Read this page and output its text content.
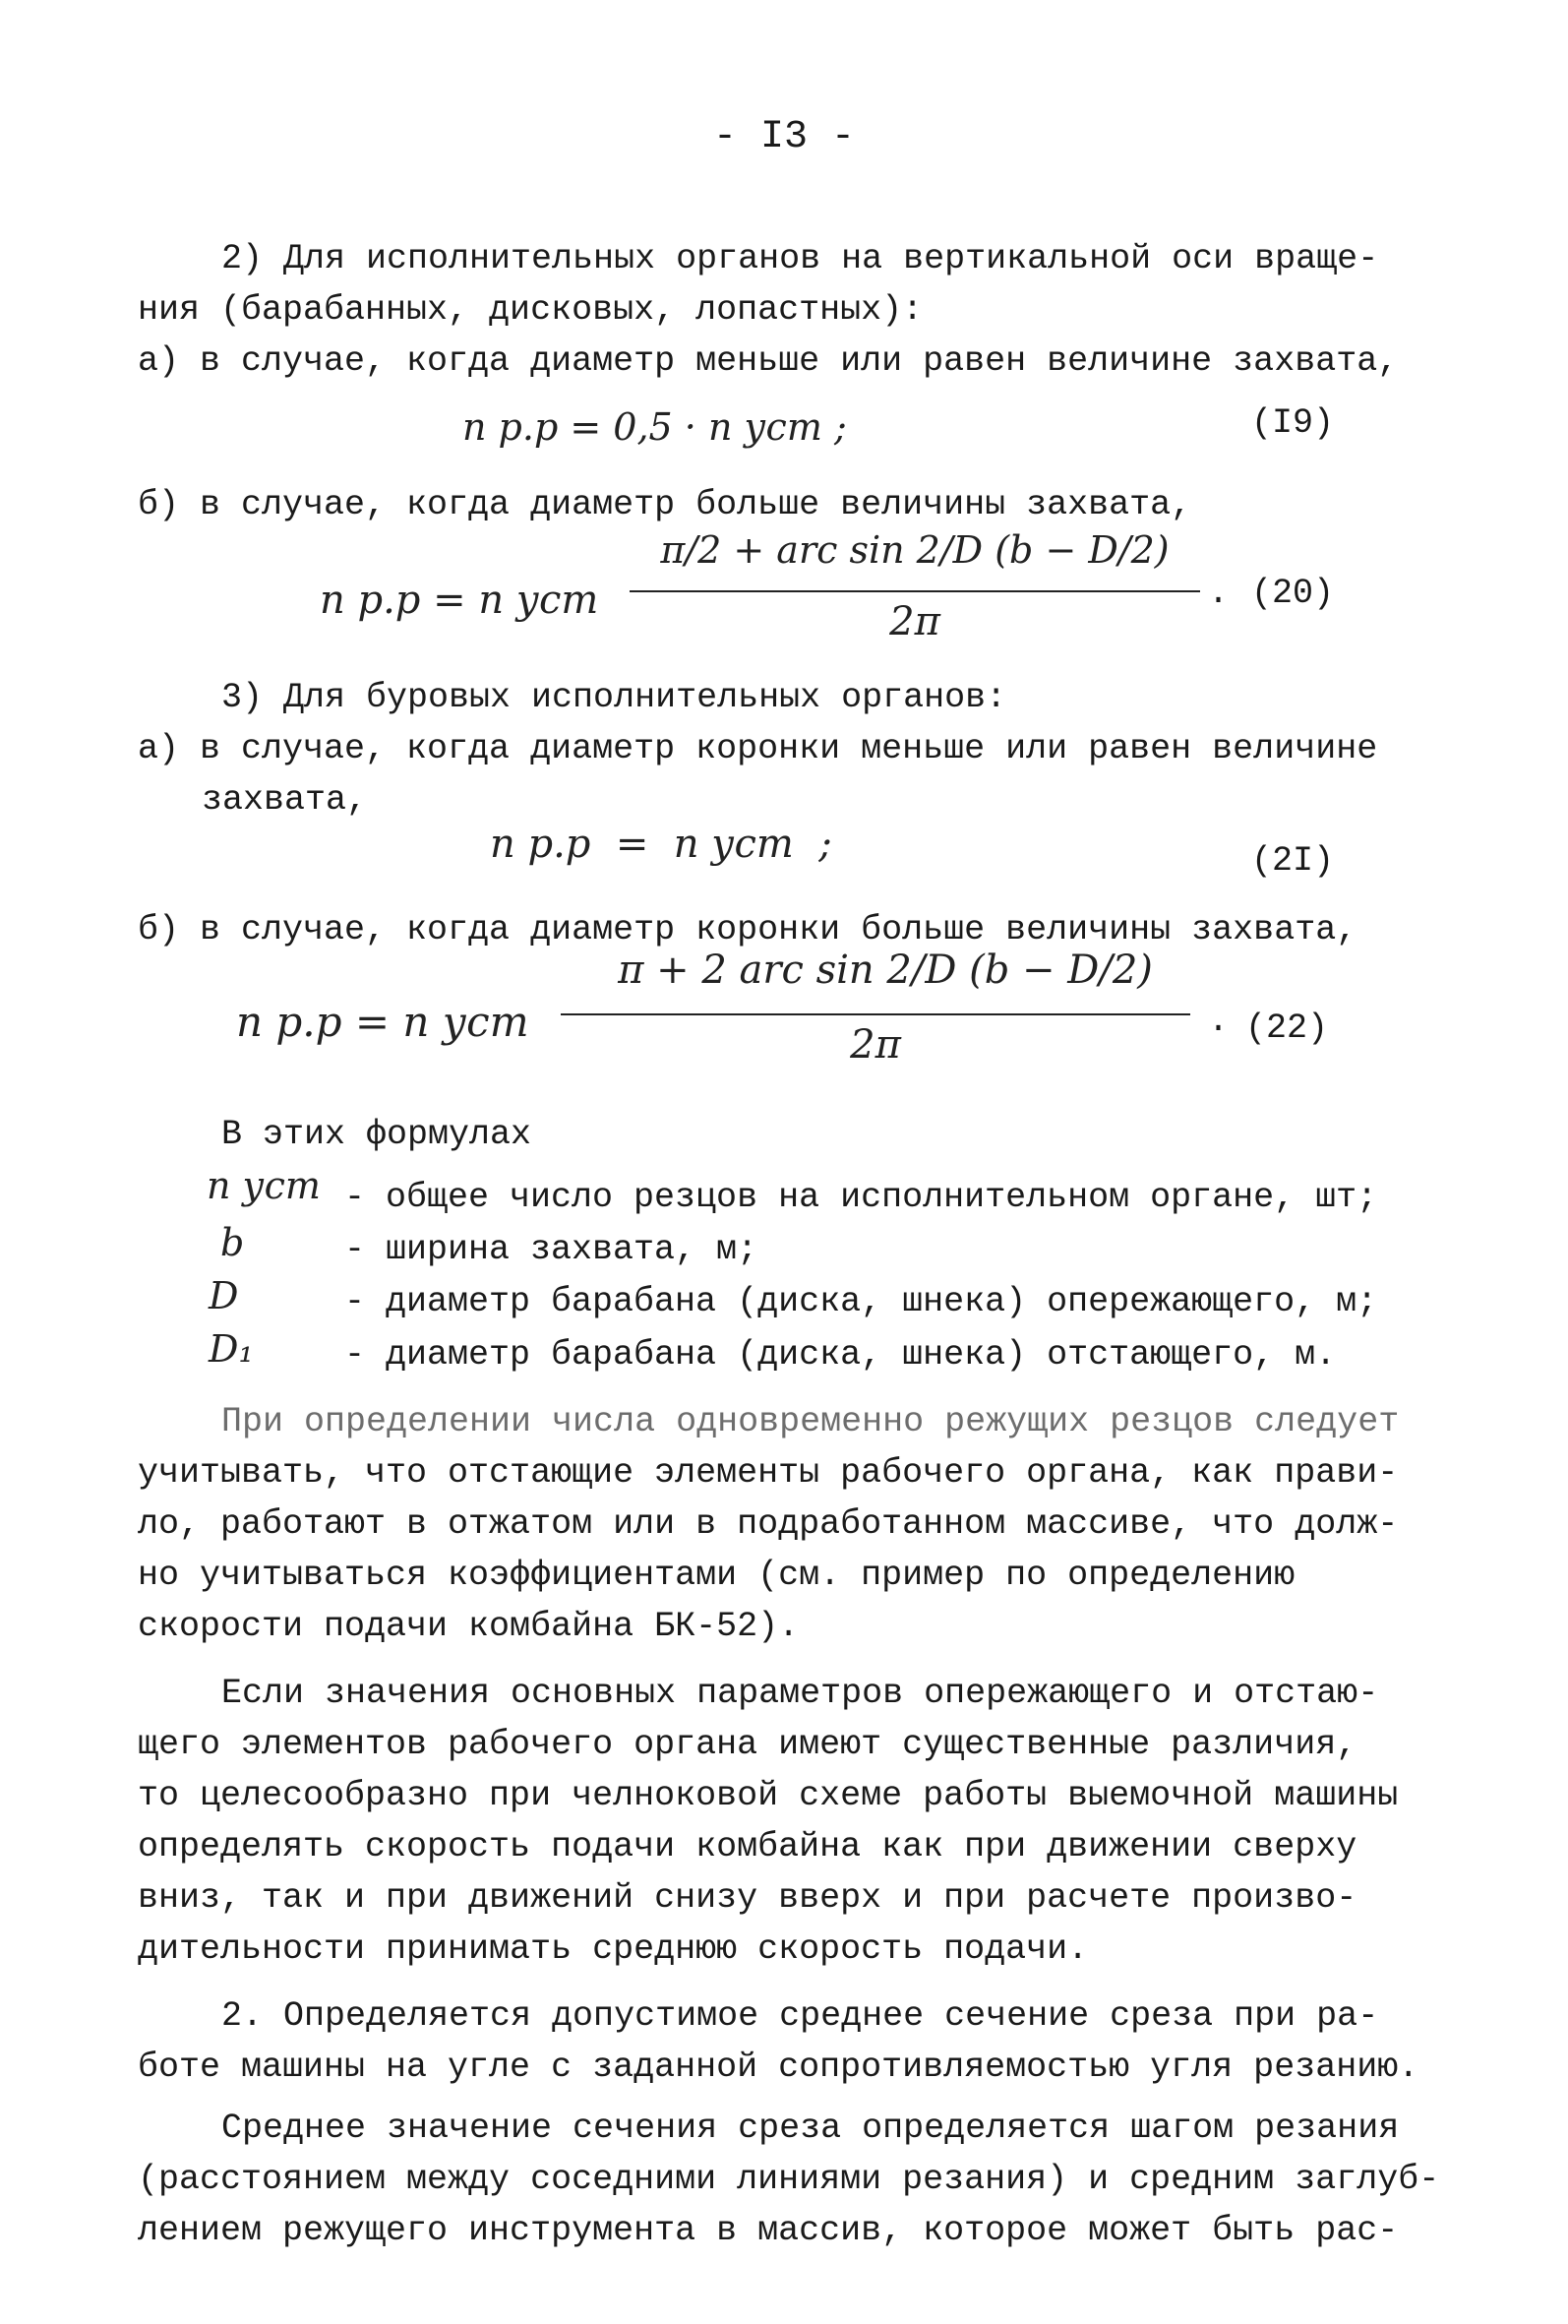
- I3 -
2) Для исполнительных органов на вертикальной оси враще-
ния (барабанных, дисковых, лопастных):
а) в случае, когда диаметр меньше или равен величине захвата,
n р.р = 0,5 · n уст ;	(I9)
б) в случае, когда диаметр больше величины захвата,
n р.р = n уст
π/2 + arc sin 2/D (b − D/2)
2π
. (20)
3) Для буровых исполнительных органов:
а) в случае, когда диаметр коронки меньше или равен величине
захвата,
n р.р  =  n уст  ;	(2I)
б) в случае, когда диаметр коронки больше величины захвата,
n р.р = n уст
π + 2 arc sin 2/D (b − D/2)
2π	· (22)
В этих формулах
n уст - общее число резцов на исполнительном органе, шт;
b	- ширина захвата, м;
D	- диаметр барабана (диска, шнека) опережающего, м;
D₁	- диаметр барабана (диска, шнека) отстающего, м.
При определении числа одновременно режущих резцов следует
учитывать, что отстающие элементы рабочего органа, как прави-
ло, работают в отжатом или в подработанном массиве, что долж-
но учитываться коэффициентами (см. пример по определению
скорости подачи комбайна БК-52).
Если значения основных параметров опережающего и отстаю-
щего элементов рабочего органа имеют существенные различия,
то целесообразно при челноковой схеме работы выемочной машины
определять скорость подачи комбайна как при движении сверху
вниз, так и при движений снизу вверх и при расчете произво-
дительности принимать среднюю скорость подачи.
2. Определяется допустимое среднее сечение среза при ра-
боте машины на угле с заданной сопротивляемостью угля резанию.
Среднее значение сечения среза определяется шагом резания
(расстоянием между соседними линиями резания) и средним заглуб-
лением режущего инструмента в массив, которое может быть рас-
